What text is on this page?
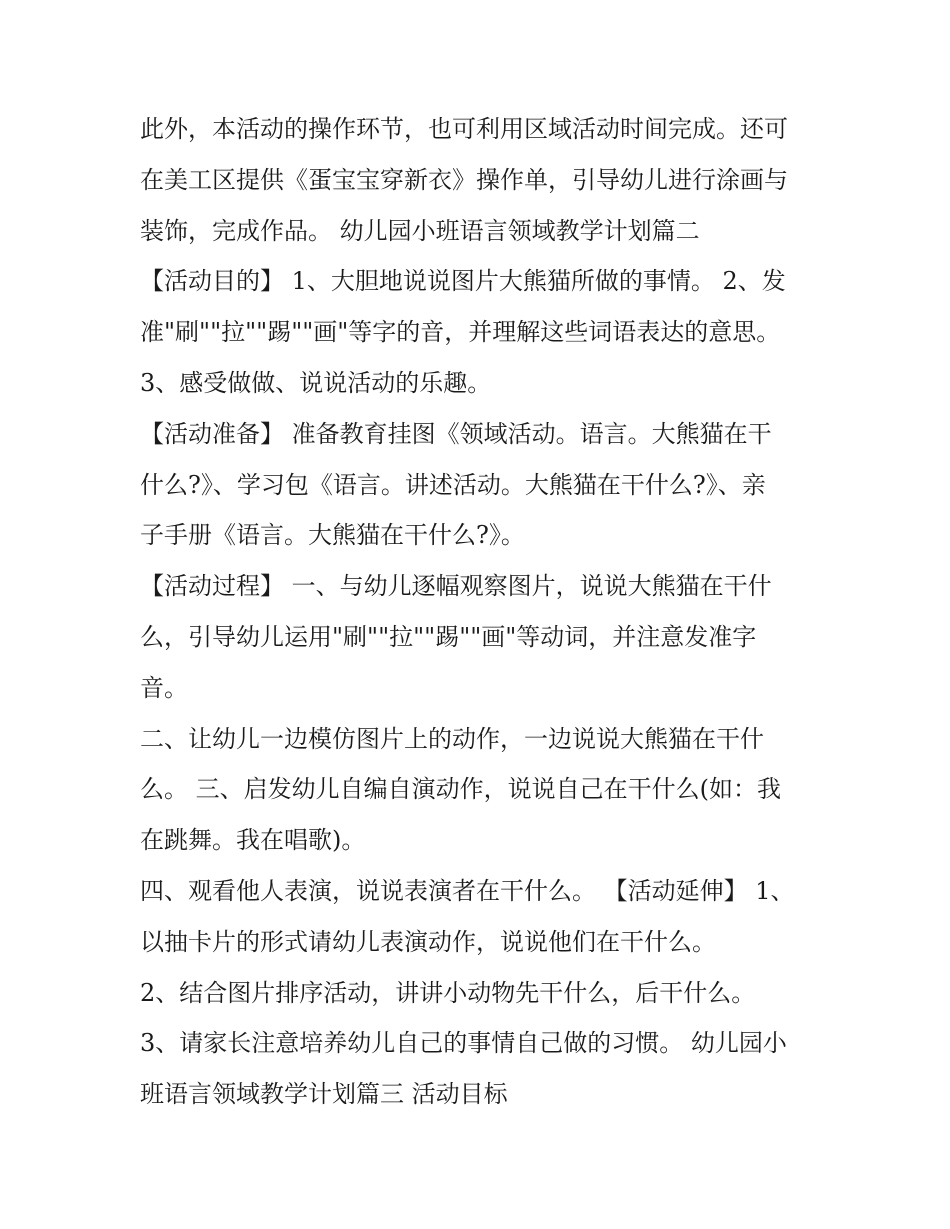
此外，本活动的操作环节，也可利用区域活动时间完成。还可
在美工区提供《蛋宝宝穿新衣》操作单，引导幼儿进行涂画与
装饰，完成作品。 幼儿园小班语言领域教学计划篇二
【活动目的】 1、大胆地说说图片大熊猫所做的事情。 2、发
准"刷""拉""踢""画"等字的音，并理解这些词语表达的意思。
3、感受做做、说说活动的乐趣。
【活动准备】 准备教育挂图《领域活动。语言。大熊猫在干
什么?》、学习包《语言。讲述活动。大熊猫在干什么?》、亲
子手册《语言。大熊猫在干什么?》。
【活动过程】 一、与幼儿逐幅观察图片，说说大熊猫在干什
么，引导幼儿运用"刷""拉""踢""画"等动词，并注意发准字
音。
二、让幼儿一边模仿图片上的动作，一边说说大熊猫在干什
么。 三、启发幼儿自编自演动作，说说自己在干什么(如：我
在跳舞。我在唱歌)。
四、观看他人表演，说说表演者在干什么。 【活动延伸】 1、
以抽卡片的形式请幼儿表演动作，说说他们在干什么。
2、结合图片排序活动，讲讲小动物先干什么，后干什么。
3、请家长注意培养幼儿自己的事情自己做的习惯。 幼儿园小
班语言领域教学计划篇三 活动目标
